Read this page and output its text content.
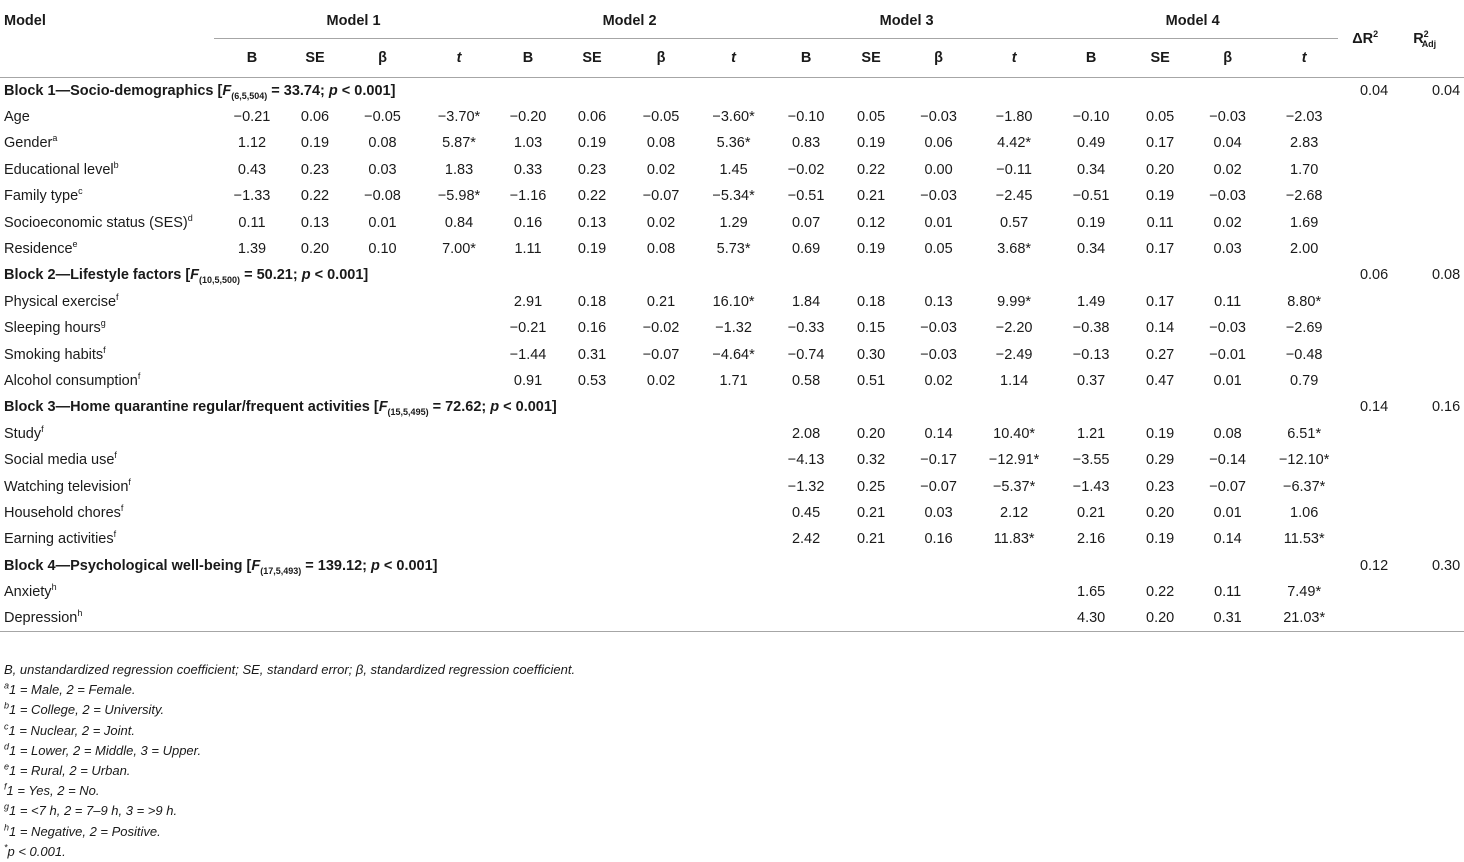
Model	Model 1				Model 2				Model 3				Model 4					
	B	SE	β	t	B	SE	β	t	B	SE	β	t	B	SE	β	t	$\Delta R^2$	$R^2_{Adj}$
Block 1—Socio-demographics [$F_{(6,5,504)} = 33.74$; p < 0.001]																	0.04	0.04
Age	−0.21	0.06	−0.05	−3.70*	−0.20	0.06	−0.05	−3.60*	−0.10	0.05	−0.03	−1.80	−0.10	0.05	−0.03	−2.03		
Gender$^a$	1.12	0.19	0.08	5.87*	1.03	0.19	0.08	5.36*	0.83	0.19	0.06	4.42*	0.49	0.17	0.04	2.83		
Educational level$^b$	0.43	0.23	0.03	1.83	0.33	0.23	0.02	1.45	−0.02	0.22	0.00	−0.11	0.34	0.20	0.02	1.70		
Family type$^c$	−1.33	0.22	−0.08	−5.98*	−1.16	0.22	−0.07	−5.34*	−0.51	0.21	−0.03	−2.45	−0.51	0.19	−0.03	−2.68		
Socioeconomic status (SES)$^d$	0.11	0.13	0.01	0.84	0.16	0.13	0.02	1.29	0.07	0.12	0.01	0.57	0.19	0.11	0.02	1.69		
Residence$^e$	1.39	0.20	0.10	7.00*	1.11	0.19	0.08	5.73*	0.69	0.19	0.05	3.68*	0.34	0.17	0.03	2.00		
Block 2—Lifestyle factors [$F_{(10,5,500)} = 50.21$; p < 0.001]																	0.06	0.08
Physical exercise$^f$					2.91	0.18	0.21	16.10*	1.84	0.18	0.13	9.99*	1.49	0.17	0.11	8.80*		
Sleeping hours$^g$					−0.21	0.16	−0.02	−1.32	−0.33	0.15	−0.03	−2.20	−0.38	0.14	−0.03	−2.69		
Smoking habits$^f$					−1.44	0.31	−0.07	−4.64*	−0.74	0.30	−0.03	−2.49	−0.13	0.27	−0.01	−0.48		
Alcohol consumption$^f$					0.91	0.53	0.02	1.71	0.58	0.51	0.02	1.14	0.37	0.47	0.01	0.79		
Block 3—Home quarantine regular/frequent activities [$F_{(15,5,495)} = 72.62$; p < 0.001]																	0.14	0.16
Study$^f$									2.08	0.20	0.14	10.40*	1.21	0.19	0.08	6.51*		
Social media use$^f$									−4.13	0.32	−0.17	−12.91*	−3.55	0.29	−0.14	−12.10*		
Watching television$^f$									−1.32	0.25	−0.07	−5.37*	−1.43	0.23	−0.07	−6.37*		
Household chores$^f$									0.45	0.21	0.03	2.12	0.21	0.20	0.01	1.06		
Earning activities$^f$									2.42	0.21	0.16	11.83*	2.16	0.19	0.14	11.53*		
Block 4—Psychological well-being [$F_{(17,5,493)} = 139.12$; p < 0.001]																	0.12	0.30
Anxiety$^h$													1.65	0.22	0.11	7.49*		
Depression$^h$													4.30	0.20	0.31	21.03*		
B, unstandardized regression coefficient; SE, standard error; β, standardized regression coefficient.
$^a$1 = Male, 2 = Female.
$^b$1 = College, 2 = University.
$^c$1 = Nuclear, 2 = Joint.
$^d$1 = Lower, 2 = Middle, 3 = Upper.
$^e$1 = Rural, 2 = Urban.
$^f$1 = Yes, 2 = No.
$^g$1 = <7 h, 2 = 7–9 h, 3 = >9 h.
$^h$1 = Negative, 2 = Positive.
*p < 0.001.
